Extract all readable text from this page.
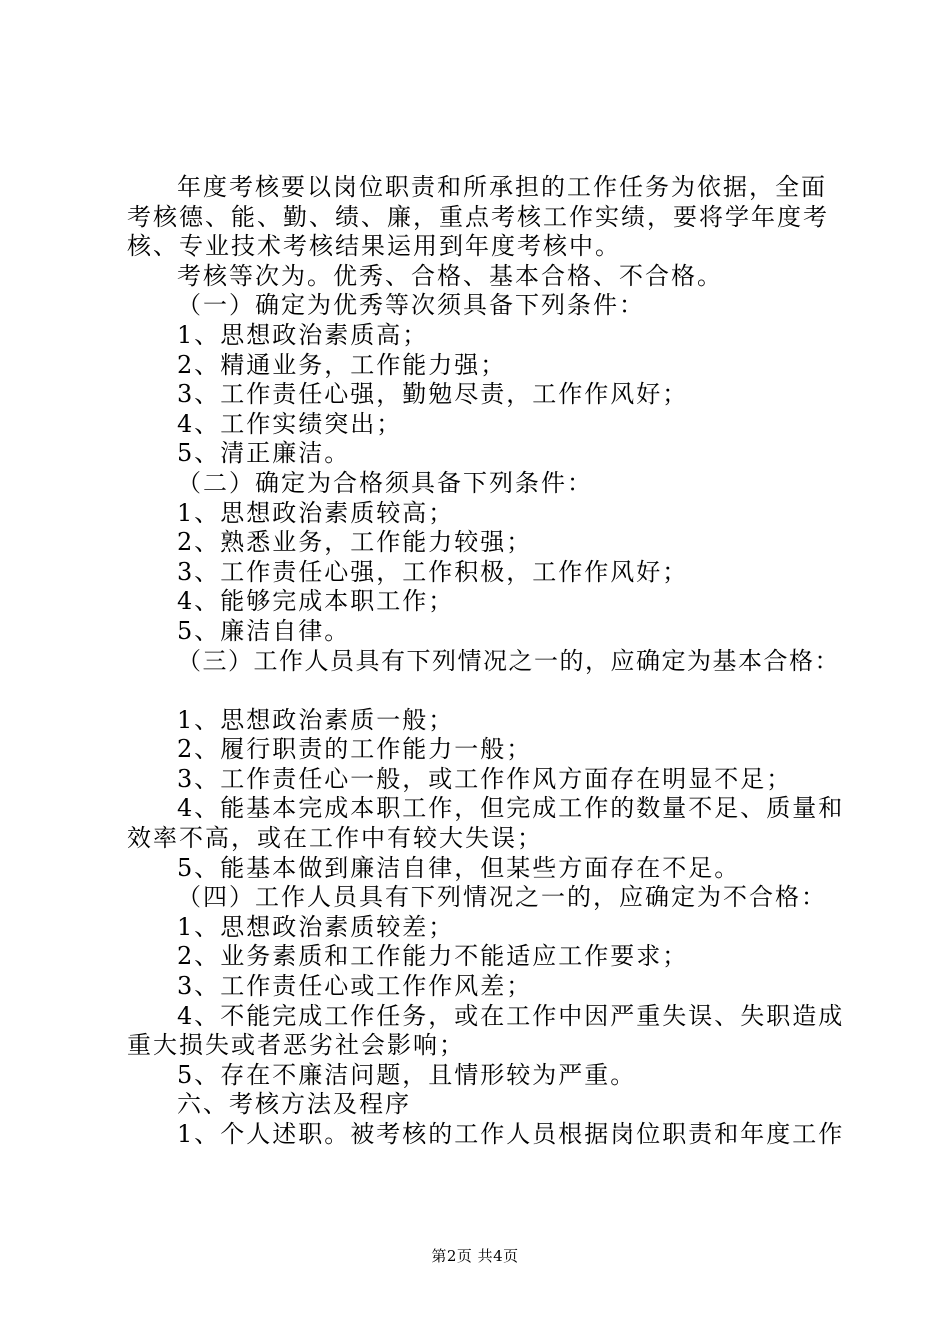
年度考核要以岗位职责和所承担的工作任务为依据，全面
考核德、能、勤、绩、廉，重点考核工作实绩，要将学年度考
核、专业技术考核结果运用到年度考核中。
考核等次为。优秀、合格、基本合格、不合格。
（一）确定为优秀等次须具备下列条件：
1、思想政治素质高；
2、精通业务，工作能力强；
3、工作责任心强，勤勉尽责，工作作风好；
4、工作实绩突出；
5、清正廉洁。
（二）确定为合格须具备下列条件：
1、思想政治素质较高；
2、熟悉业务，工作能力较强；
3、工作责任心强，工作积极，工作作风好；
4、能够完成本职工作；
5、廉洁自律。
（三）工作人员具有下列情况之一的，应确定为基本合格：
1、思想政治素质一般；
2、履行职责的工作能力一般；
3、工作责任心一般，或工作作风方面存在明显不足；
4、能基本完成本职工作，但完成工作的数量不足、质量和
效率不高，或在工作中有较大失误；
5、能基本做到廉洁自律，但某些方面存在不足。
（四）工作人员具有下列情况之一的，应确定为不合格：
1、思想政治素质较差；
2、业务素质和工作能力不能适应工作要求；
3、工作责任心或工作作风差；
4、不能完成工作任务，或在工作中因严重失误、失职造成
重大损失或者恶劣社会影响；
5、存在不廉洁问题，且情形较为严重。
六、考核方法及程序
1、个人述职。被考核的工作人员根据岗位职责和年度工作
第2页 共4页
